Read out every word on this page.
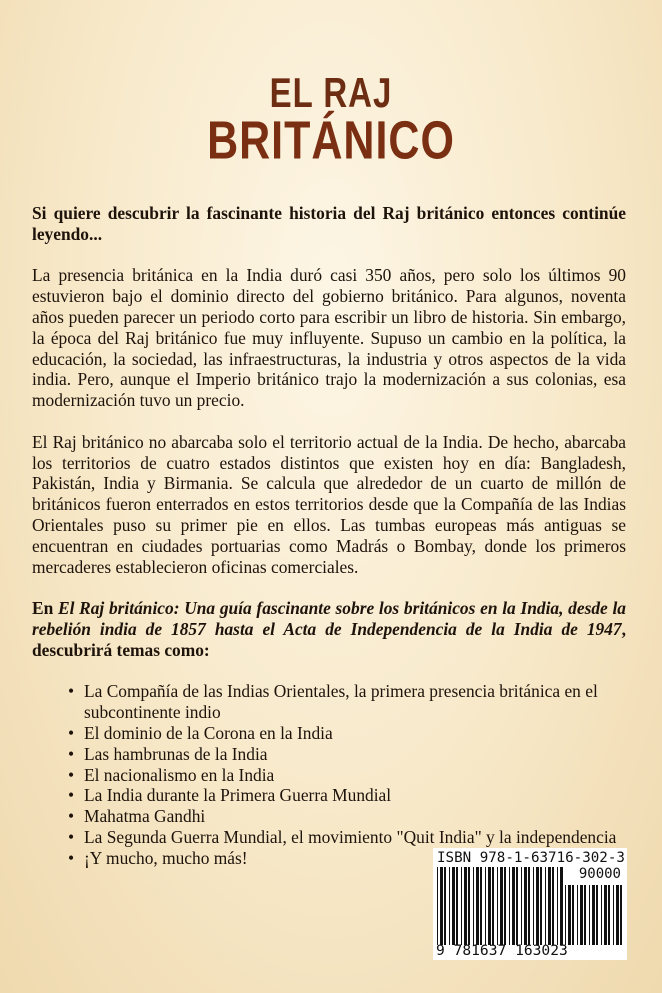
EL RAJ
BRITÁNICO

Si quiere descubrir la fascinante historia del Raj británico entonces continúe leyendo...

La presencia británica en la India duró casi 350 años, pero solo los últimos 90 estuvieron bajo el dominio directo del gobierno británico. Para algunos, noventa años pueden parecer un periodo corto para escribir un libro de historia. Sin embargo, la época del Raj británico fue muy influyente. Supuso un cambio en la política, la educación, la sociedad, las infraestructuras, la industria y otros aspectos de la vida india. Pero, aunque el Imperio británico trajo la modernización a sus colonias, esa modernización tuvo un precio.

El Raj británico no abarcaba solo el territorio actual de la India. De hecho, abarcaba los territorios de cuatro estados distintos que existen hoy en día: Bangladesh, Pakistán, India y Birmania. Se calcula que alrededor de un cuarto de millón de británicos fueron enterrados en estos territorios desde que la Compañía de las Indias Orientales puso su primer pie en ellos. Las tumbas europeas más antiguas se encuentran en ciudades portuarias como Madrás o Bombay, donde los primeros mercaderes establecieron oficinas comerciales.

En El Raj británico: Una guía fascinante sobre los británicos en la India, desde la rebelión india de 1857 hasta el Acta de Independencia de la India de 1947, descubrirá temas como:

• La Compañía de las Indias Orientales, la primera presencia británica en el subcontinente indio
• El dominio de la Corona en la India
• Las hambrunas de la India
• El nacionalismo en la India
• La India durante la Primera Guerra Mundial
• Mahatma Gandhi
• La Segunda Guerra Mundial, el movimiento "Quit India" y la independencia
• ¡Y mucho, mucho más!	ISBN 978-1-63716-302-3
90000
9 781637 163023
